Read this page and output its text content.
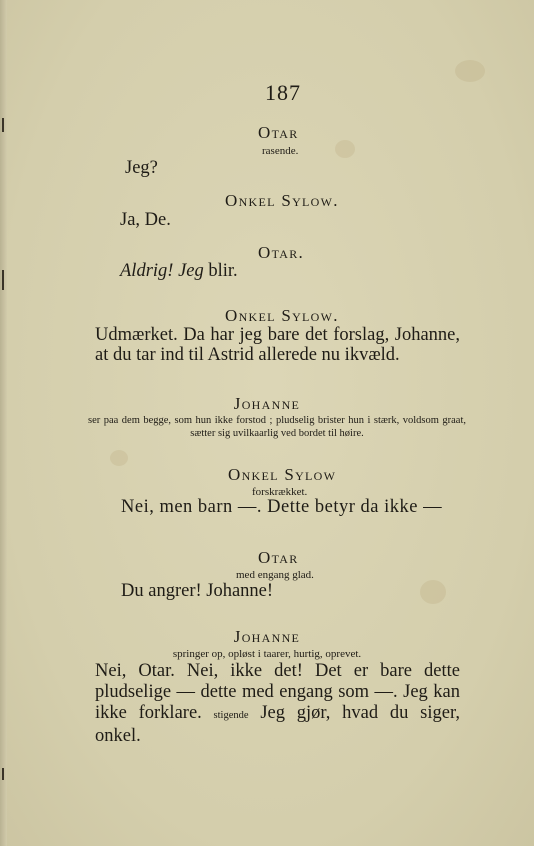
187
Otar
rasende.
Jeg?
Onkel Sylow.
Ja, De.
Otar.
Aldrig! Jeg blir.
Onkel Sylow.
Udmærket. Da har jeg bare det forslag, Johanne, at du tar ind til Astrid allerede nu ikvæld.
Johanne
ser paa dem begge, som hun ikke forstod ; pludselig brister hun i stærk, voldsom graat, sætter sig uvilkaarlig ved bordet til høire.
Onkel Sylow
forskrækket.
Nei, men barn —. Dette betyr da ikke —
Otar
med engang glad.
Du angrer! Johanne!
Johanne
springer op, opløst i taarer, hurtig, oprevet.
Nei, Otar. Nei, ikke det! Det er bare dette pludselige — dette med engang som —. Jeg kan ikke forklare. stigende Jeg gjør, hvad du siger, onkel.
